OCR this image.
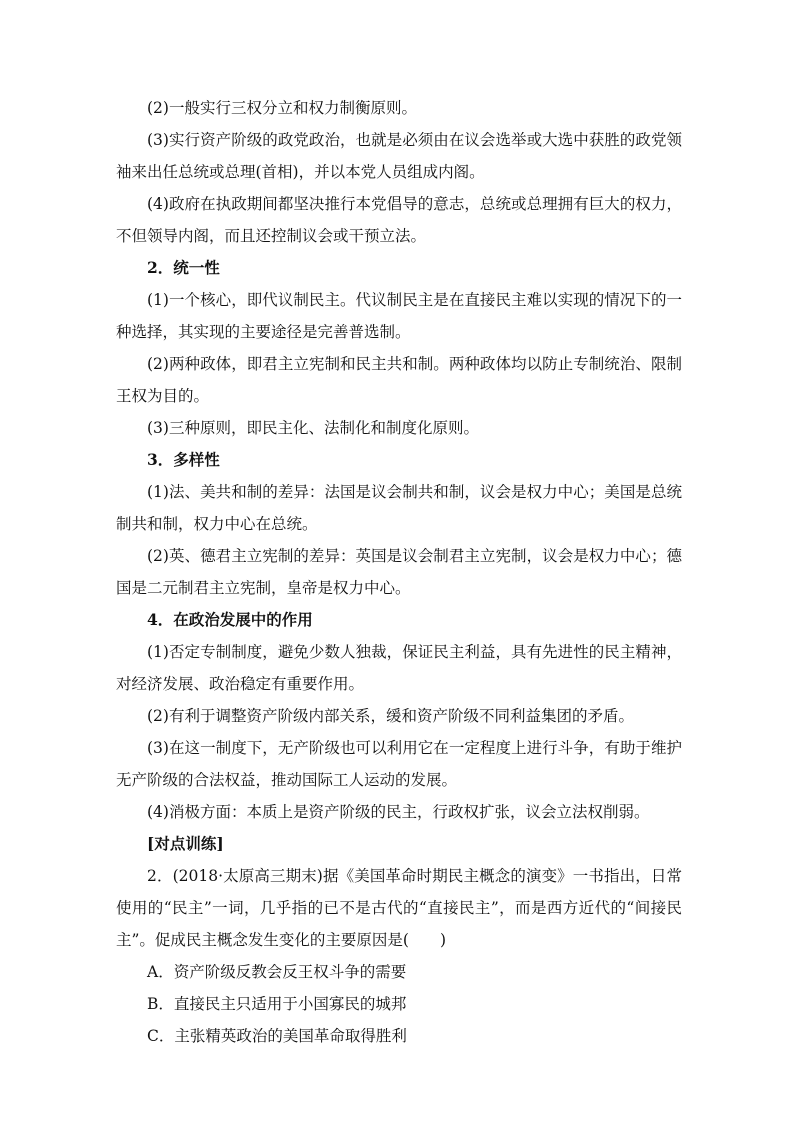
(2)一般实行三权分立和权力制衡原则。

(3)实行资产阶级的政党政治，也就是必须由在议会选举或大选中获胜的政党领袖来出任总统或总理(首相)，并以本党人员组成内阁。

(4)政府在执政期间都坚决推行本党倡导的意志，总统或总理拥有巨大的权力，不但领导内阁，而且还控制议会或干预立法。

2．统一性

(1)一个核心，即代议制民主。代议制民主是在直接民主难以实现的情况下的一种选择，其实现的主要途径是完善普选制。

(2)两种政体，即君主立宪制和民主共和制。两种政体均以防止专制统治、限制王权为目的。

(3)三种原则，即民主化、法制化和制度化原则。

3．多样性

(1)法、美共和制的差异：法国是议会制共和制，议会是权力中心；美国是总统制共和制，权力中心在总统。

(2)英、德君主立宪制的差异：英国是议会制君主立宪制，议会是权力中心；德国是二元制君主立宪制，皇帝是权力中心。

4．在政治发展中的作用

(1)否定专制制度，避免少数人独裁，保证民主利益，具有先进性的民主精神，对经济发展、政治稳定有重要作用。

(2)有利于调整资产阶级内部关系，缓和资产阶级不同利益集团的矛盾。

(3)在这一制度下，无产阶级也可以利用它在一定程度上进行斗争，有助于维护无产阶级的合法权益，推动国际工人运动的发展。

(4)消极方面：本质上是资产阶级的民主，行政权扩张，议会立法权削弱。

[对点训练]

2．(2018·太原高三期末)据《美国革命时期民主概念的演变》一书指出，日常使用的“民主”一词，几乎指的已不是古代的“直接民主”，而是西方近代的“间接民主”。促成民主概念发生变化的主要原因是(　　)

A．资产阶级反教会反王权斗争的需要

B．直接民主只适用于小国寡民的城邦

C．主张精英政治的美国革命取得胜利
